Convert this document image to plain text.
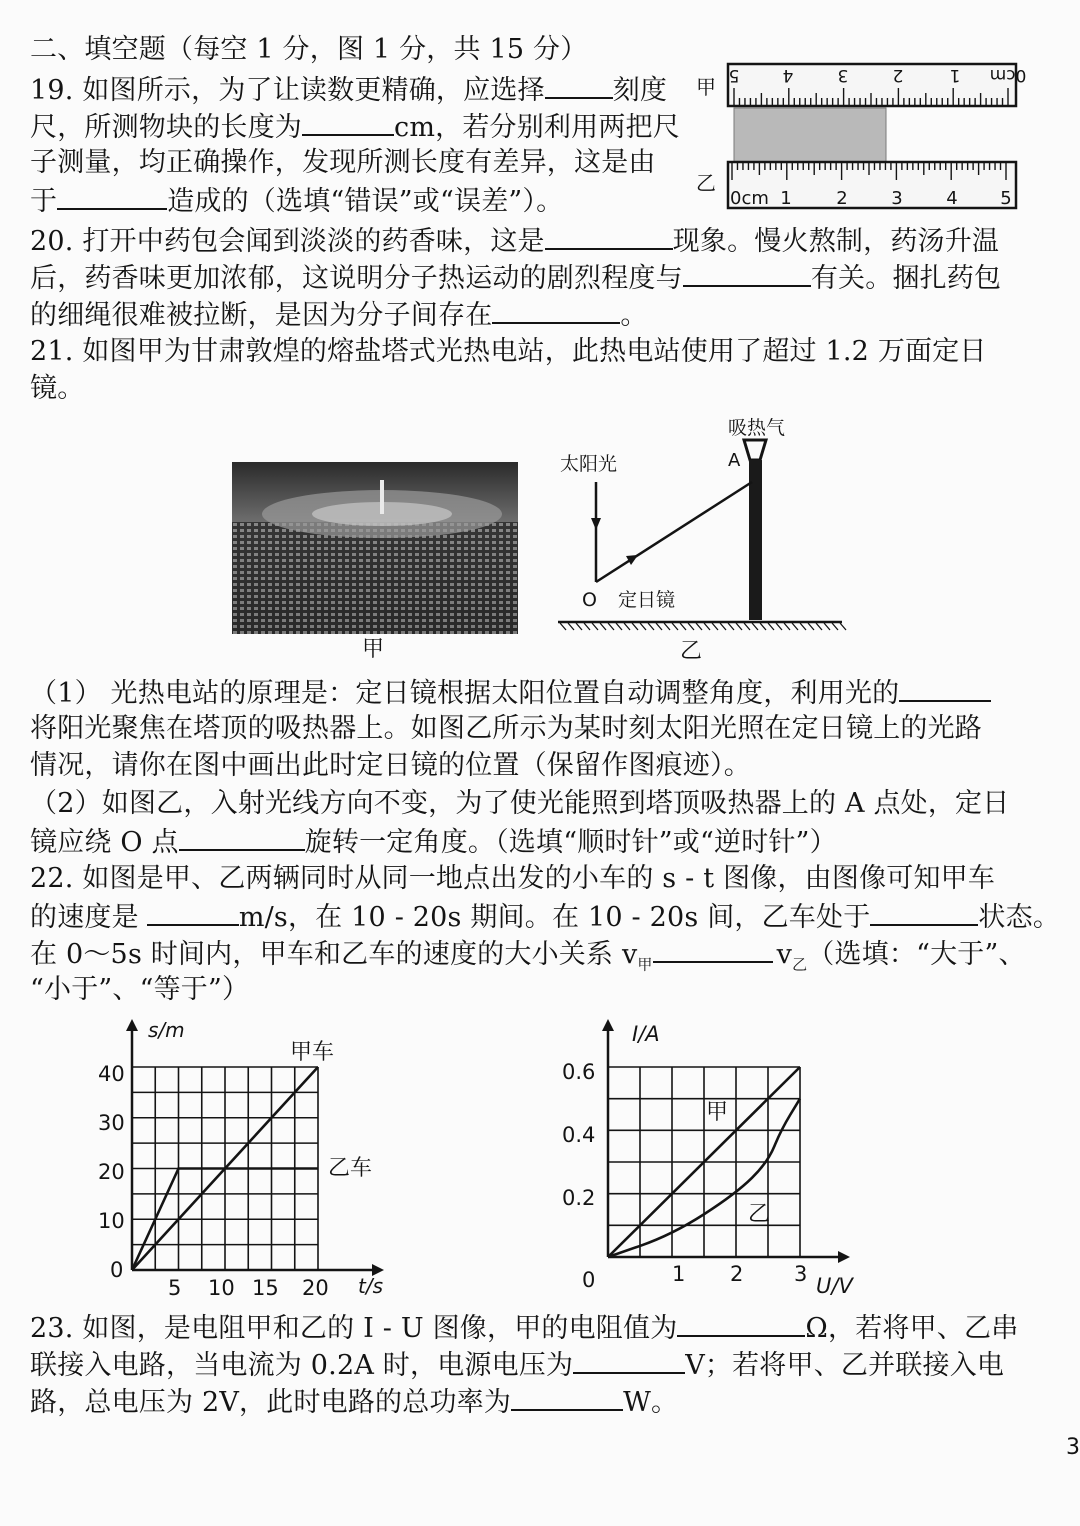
二、填空题（每空 1 分，图 1 分，共 15 分）
19. 如图所示，为了让读数更精确，应选择	刻度
尺，所测物块的长度为	cm，若分别利用两把尺
子测量，均正确操作，发现所测长度有差异，这是由
于	造成的（选填“错误”或“误差”）。
甲
乙
0cm
1
2
3
4
5
0cm 1 2 3 4 5
20. 打开中药包会闻到淡淡的药香味，这是	现象。慢火熬制，药汤升温
后，药香味更加浓郁，这说明分子热运动的剧烈程度与	有关。捆扎药包
的细绳很难被拉断，是因为分子间存在	。
21. 如图甲为甘肃敦煌的熔盐塔式光热电站，此热电站使用了超过 1.2 万面定日
镜。
甲
吸热气
A
太阳光
O 定日镜
乙
（1） 光热电站的原理是：定日镜根据太阳位置自动调整角度，利用光的
将阳光聚焦在塔顶的吸热器上。如图乙所示为某时刻太阳光照在定日镜上的光路
情况，请你在图中画出此时定日镜的位置（保留作图痕迹）。
（2）如图乙，入射光线方向不变，为了使光能照到塔顶吸热器上的 A 点处，定日
镜应绕 O 点	旋转一定角度。（选填“顺时针”或“逆时针”）
22. 如图是甲、乙两辆同时从同一地点出发的小车的 s - t 图像，由图像可知甲车
的速度是	m/s，在 10 - 20s 期间。在 10 - 20s 间，乙车处于	状态。
在 0～5s 时间内，甲车和乙车的速度的大小关系 $v_甲$	$v_乙$（选填：“大于”、
“小于”、“等于”）
s/m
t/s
0
10
20
30
40
5 10 15 20
甲车
乙车
I/A
U/V
0
0.2
0.4
0.6
1 2 3
甲
乙
23. 如图，是电阻甲和乙的 I - U 图像，甲的电阻值为	Ω，若将甲、乙串
联接入电路，当电流为 0.2A 时，电源电压为	V；若将甲、乙并联接入电
路，总电压为 2V，此时电路的总功率为	W。
3
